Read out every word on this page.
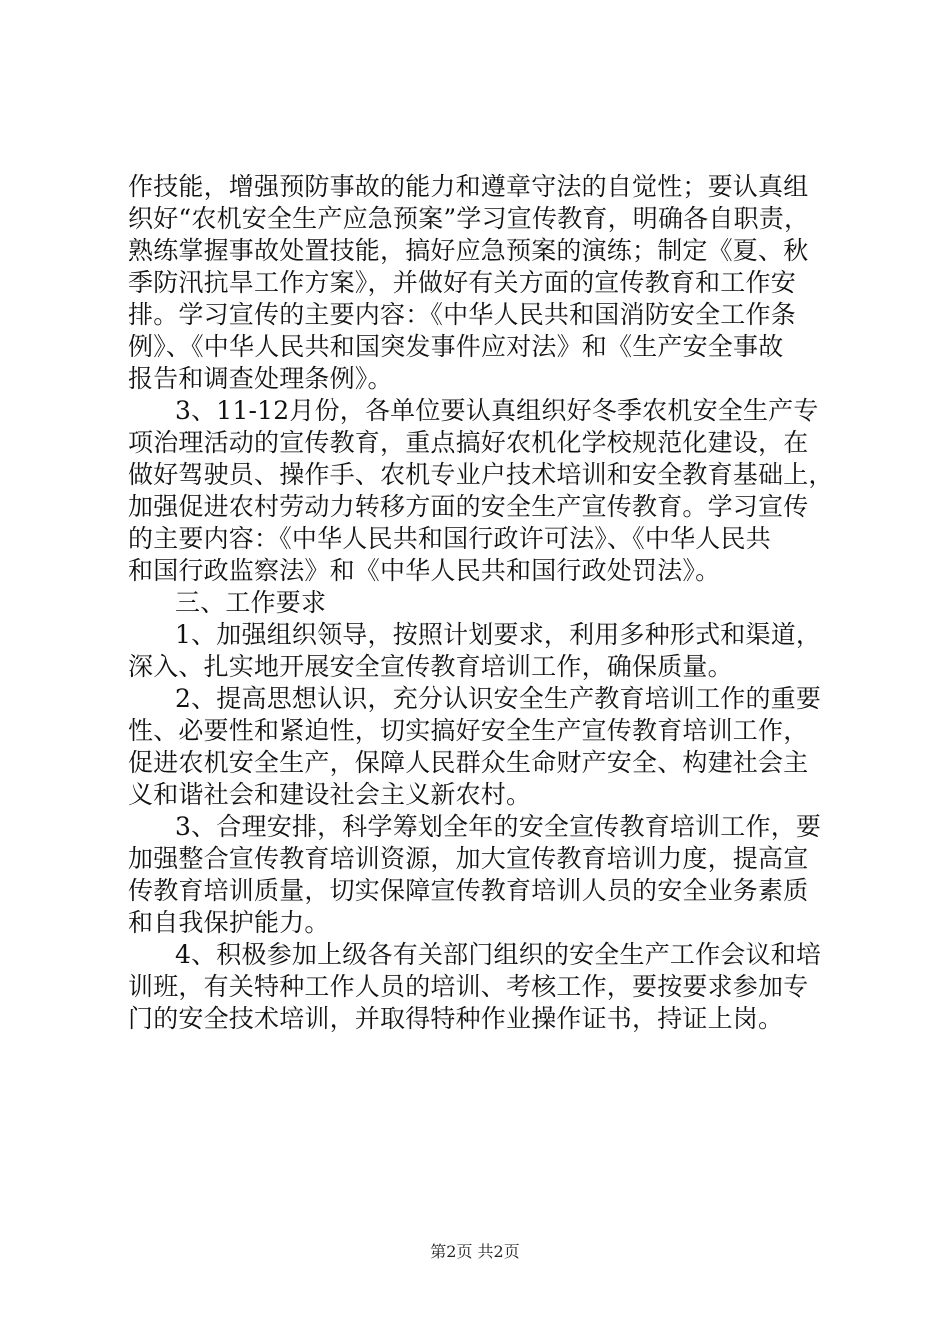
作技能，增强预防事故的能力和遵章守法的自觉性；要认真组
织好“农机安全生产应急预案”学习宣传教育，明确各自职责，
熟练掌握事故处置技能，搞好应急预案的演练；制定《夏、秋
季防汛抗旱工作方案》，并做好有关方面的宣传教育和工作安
排。学习宣传的主要内容：《中华人民共和国消防安全工作条
例》、《中华人民共和国突发事件应对法》和《生产安全事故
报告和调查处理条例》。
3、11-12月份，各单位要认真组织好冬季农机安全生产专
项治理活动的宣传教育，重点搞好农机化学校规范化建设，在
做好驾驶员、操作手、农机专业户技术培训和安全教育基础上，
加强促进农村劳动力转移方面的安全生产宣传教育。学习宣传
的主要内容：《中华人民共和国行政许可法》、《中华人民共
和国行政监察法》和《中华人民共和国行政处罚法》。
三、工作要求
1、加强组织领导，按照计划要求，利用多种形式和渠道，
深入、扎实地开展安全宣传教育培训工作，确保质量。
2、提高思想认识，充分认识安全生产教育培训工作的重要
性、必要性和紧迫性，切实搞好安全生产宣传教育培训工作，
促进农机安全生产，保障人民群众生命财产安全、构建社会主
义和谐社会和建设社会主义新农村。
3、合理安排，科学筹划全年的安全宣传教育培训工作，要
加强整合宣传教育培训资源，加大宣传教育培训力度，提高宣
传教育培训质量，切实保障宣传教育培训人员的安全业务素质
和自我保护能力。
4、积极参加上级各有关部门组织的安全生产工作会议和培
训班，有关特种工作人员的培训、考核工作，要按要求参加专
门的安全技术培训，并取得特种作业操作证书，持证上岗。
第2页 共2页
